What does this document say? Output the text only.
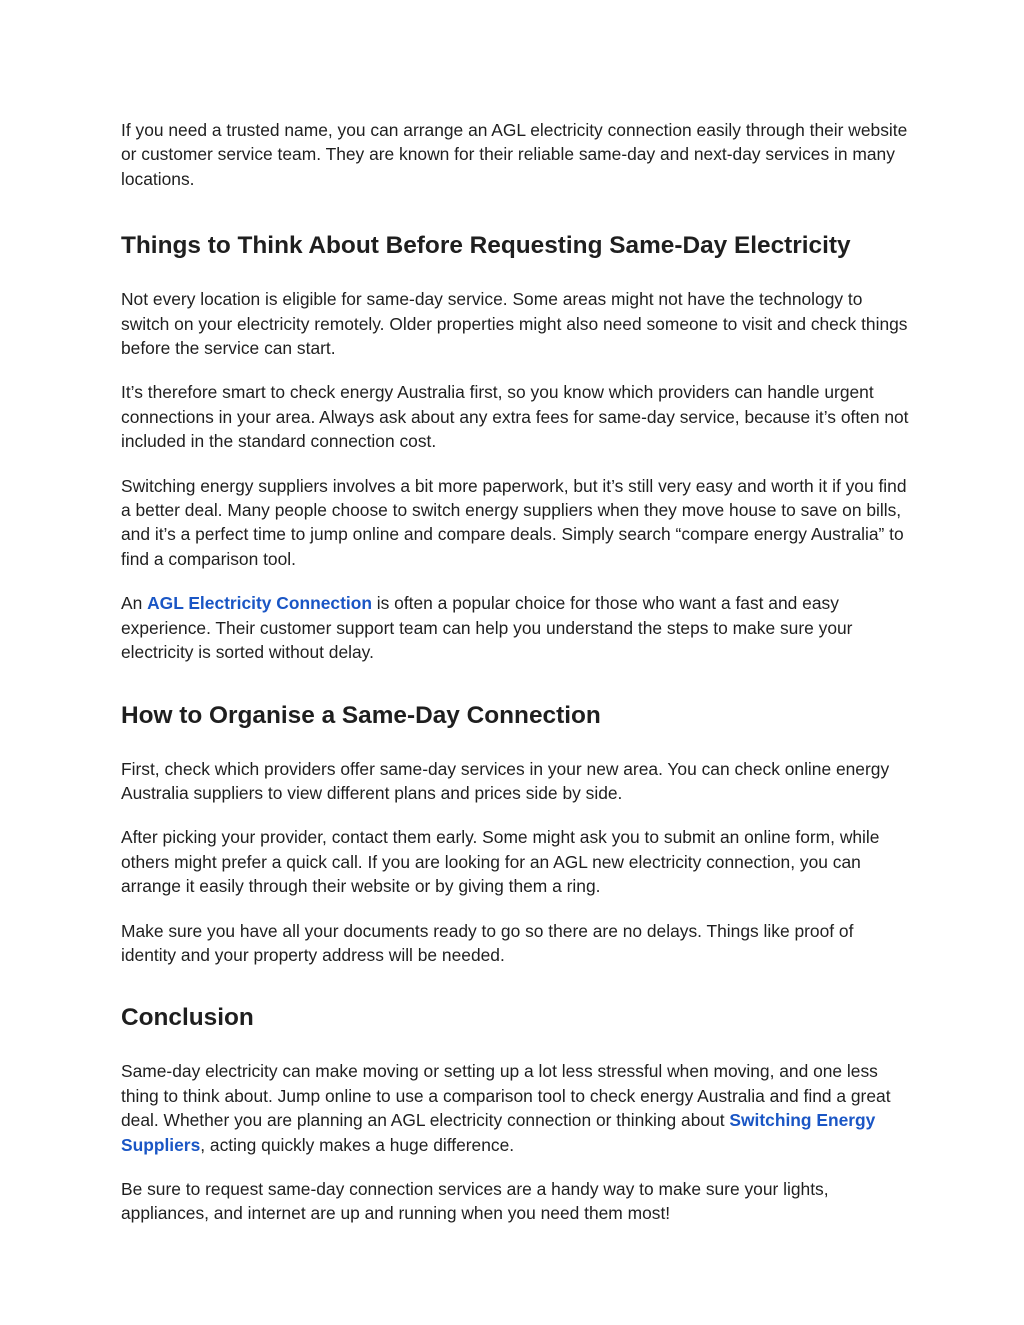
If you need a trusted name, you can arrange an AGL electricity connection easily through their website or customer service team. They are known for their reliable same-day and next-day services in many locations.

Things to Think About Before Requesting Same-Day Electricity

Not every location is eligible for same-day service. Some areas might not have the technology to switch on your electricity remotely. Older properties might also need someone to visit and check things before the service can start.

It’s therefore smart to check energy Australia first, so you know which providers can handle urgent connections in your area. Always ask about any extra fees for same-day service, because it’s often not included in the standard connection cost.

Switching energy suppliers involves a bit more paperwork, but it’s still very easy and worth it if you find a better deal. Many people choose to switch energy suppliers when they move house to save on bills, and it’s a perfect time to jump online and compare deals. Simply search “compare energy Australia” to find a comparison tool.

An AGL Electricity Connection is often a popular choice for those who want a fast and easy experience. Their customer support team can help you understand the steps to make sure your electricity is sorted without delay.

How to Organise a Same-Day Connection

First, check which providers offer same-day services in your new area. You can check online energy Australia suppliers to view different plans and prices side by side.

After picking your provider, contact them early. Some might ask you to submit an online form, while others might prefer a quick call. If you are looking for an AGL new electricity connection, you can arrange it easily through their website or by giving them a ring.

Make sure you have all your documents ready to go so there are no delays. Things like proof of identity and your property address will be needed.

Conclusion

Same-day electricity can make moving or setting up a lot less stressful when moving, and one less thing to think about. Jump online to use a comparison tool to check energy Australia and find a great deal. Whether you are planning an AGL electricity connection or thinking about Switching Energy Suppliers, acting quickly makes a huge difference.

Be sure to request same-day connection services are a handy way to make sure your lights, appliances, and internet are up and running when you need them most!
